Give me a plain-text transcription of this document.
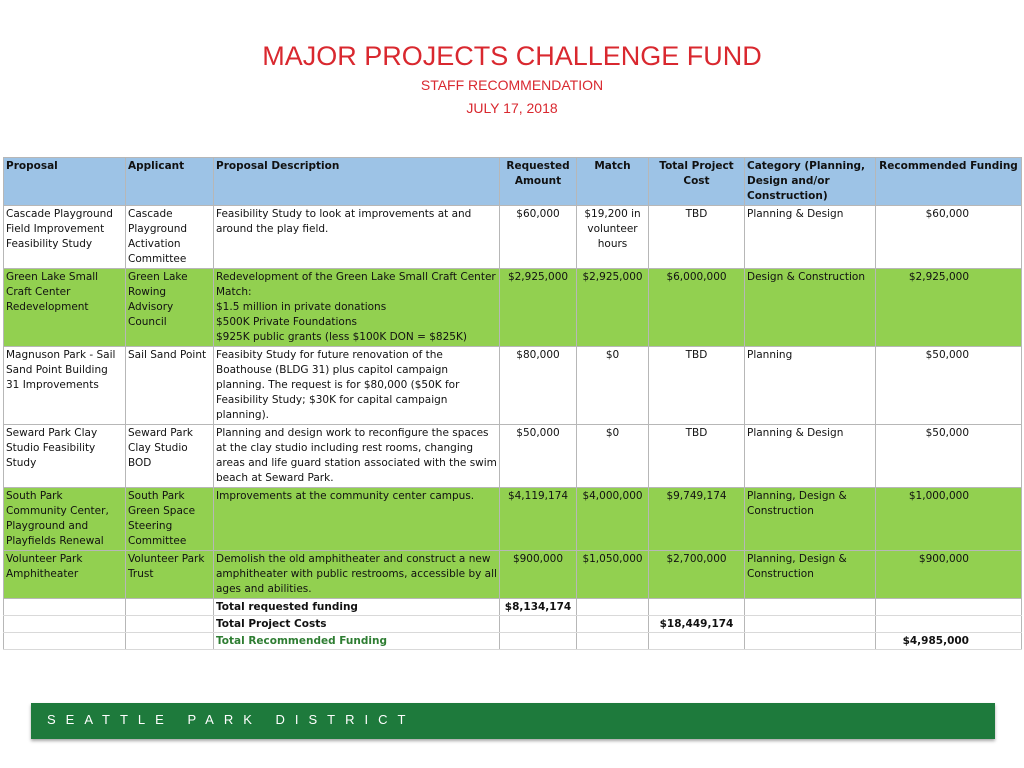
MAJOR PROJECTS CHALLENGE FUND
STAFF RECOMMENDATION
JULY 17, 2018
Proposal	Applicant	Proposal Description	Requested Amount	Match	Total Project Cost	Category (Planning, Design and/or Construction)	Recommended Funding
Cascade Playground Field Improvement Feasibility Study	Cascade Playground Activation Committee	Feasibility Study to look at improvements at and around the play field.	$60,000	$19,200 in volunteer hours	TBD	Planning & Design	$60,000
Green Lake Small Craft Center Redevelopment	Green Lake Rowing Advisory Council	Redevelopment of the Green Lake Small Craft Center
Match:
$1.5 million in private donations
$500K Private Foundations
$925K public grants (less $100K DON = $825K)	$2,925,000	$2,925,000	$6,000,000	Design & Construction	$2,925,000
Magnuson Park - Sail Sand Point Building 31 Improvements	Sail Sand Point	Feasibity Study for future renovation of the Boathouse (BLDG 31) plus capitol campaign planning. The request is for $80,000 ($50K for Feasibility Study; $30K for capital campaign planning).	$80,000	$0	TBD	Planning	$50,000
Seward Park Clay Studio Feasibility Study	Seward Park Clay Studio BOD	Planning and design work to reconfigure the spaces at the clay studio including rest rooms, changing areas and life guard station associated with the swim beach at Seward Park.	$50,000	$0	TBD	Planning & Design	$50,000
South Park Community Center, Playground and Playfields Renewal	South Park Green Space Steering Committee	Improvements at the community center campus.	$4,119,174	$4,000,000	$9,749,174	Planning, Design & Construction	$1,000,000
Volunteer Park Amphitheater	Volunteer Park Trust	Demolish the old amphitheater and construct a new amphitheater with public restrooms, accessible by all ages and abilities.	$900,000	$1,050,000	$2,700,000	Planning, Design & Construction	$900,000
		Total requested funding	$8,134,174				
		Total Project Costs			$18,449,174		
		Total Recommended Funding					$4,985,000
SEATTLE PARK DISTRICT
